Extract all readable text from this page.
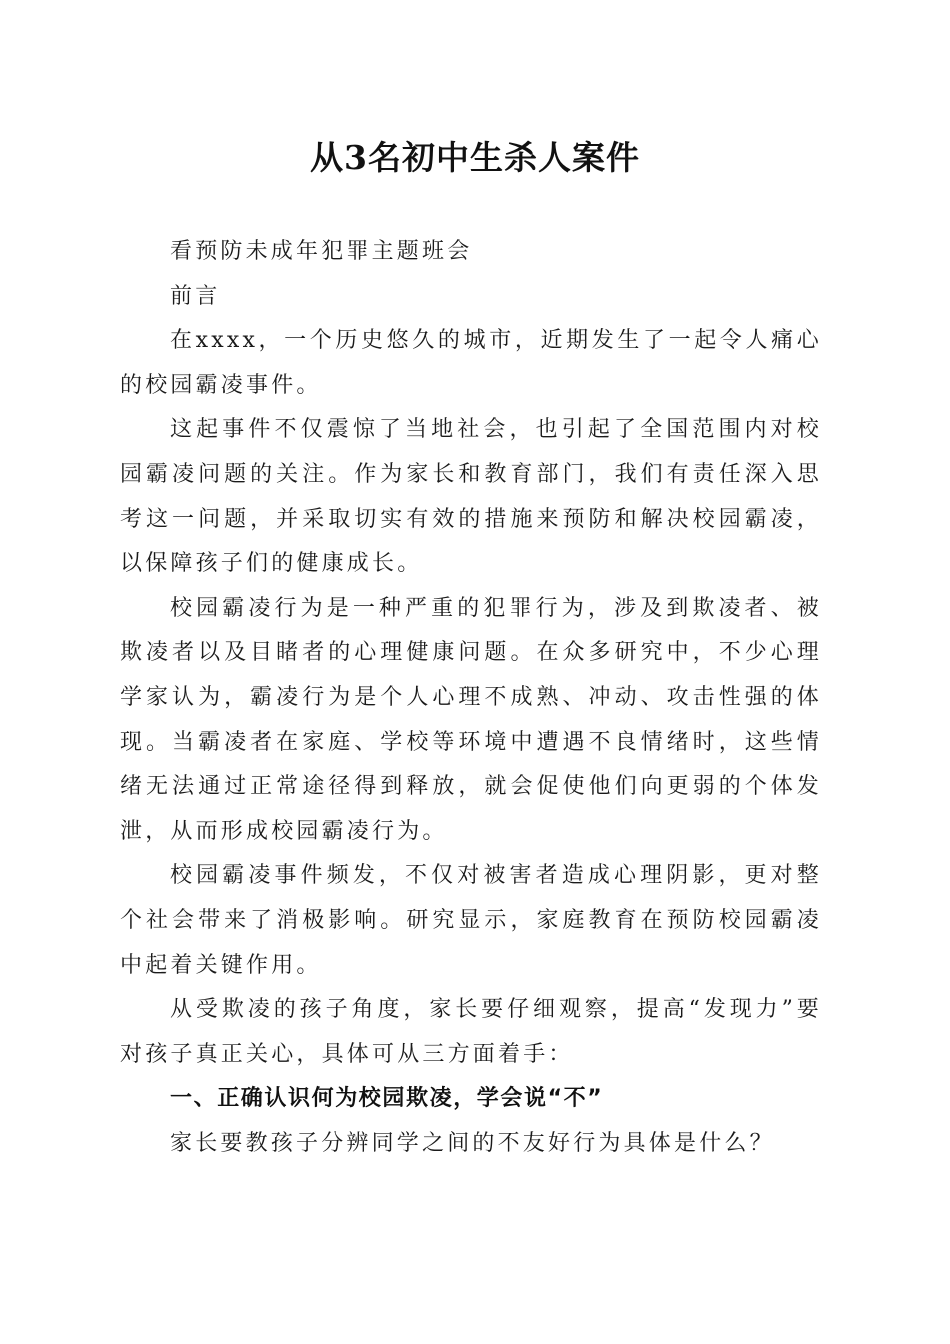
从3名初中生杀人案件

看预防未成年犯罪主题班会

前言

在xxxx，一个历史悠久的城市，近期发生了一起令人痛心的校园霸凌事件。

这起事件不仅震惊了当地社会，也引起了全国范围内对校园霸凌问题的关注。作为家长和教育部门，我们有责任深入思考这一问题，并采取切实有效的措施来预防和解决校园霸凌，以保障孩子们的健康成长。

校园霸凌行为是一种严重的犯罪行为，涉及到欺凌者、被欺凌者以及目睹者的心理健康问题。在众多研究中，不少心理学家认为，霸凌行为是个人心理不成熟、冲动、攻击性强的体现。当霸凌者在家庭、学校等环境中遭遇不良情绪时，这些情绪无法通过正常途径得到释放，就会促使他们向更弱的个体发泄，从而形成校园霸凌行为。

校园霸凌事件频发，不仅对被害者造成心理阴影，更对整个社会带来了消极影响。研究显示，家庭教育在预防校园霸凌中起着关键作用。

从受欺凌的孩子角度，家长要仔细观察，提高“发现力”要对孩子真正关心，具体可从三方面着手：

一、正确认识何为校园欺凌，学会说“不”

家长要教孩子分辨同学之间的不友好行为具体是什么？
